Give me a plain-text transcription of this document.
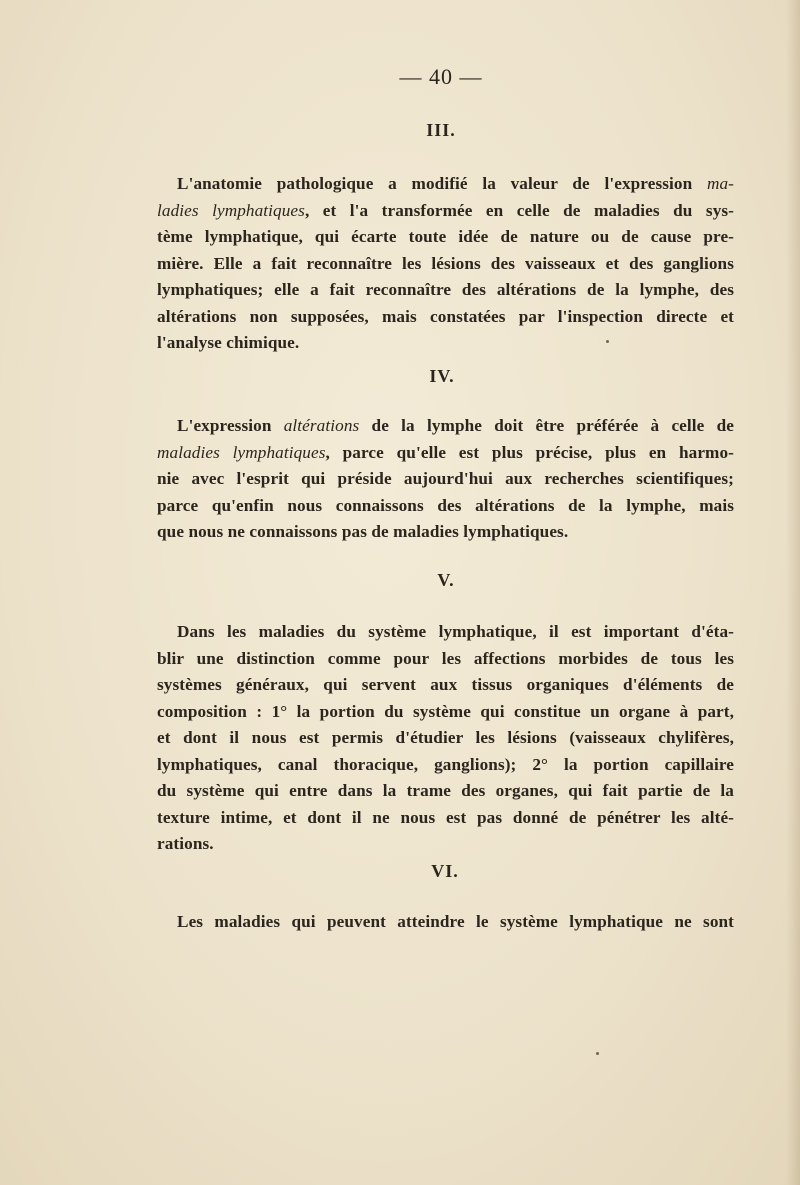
— 40 —
III.

L'anatomie pathologique a modifié la valeur de l'expression ma-
ladies lymphatiques, et l'a transformée en celle de maladies du sys-
tème lymphatique, qui écarte toute idée de nature ou de cause pre-
mière. Elle a fait reconnaître les lésions des vaisseaux et des ganglions
lymphatiques; elle a fait reconnaître des altérations de la lymphe, des
altérations non supposées, mais constatées par l'inspection directe et
l'analyse chimique.

IV.

L'expression altérations de la lymphe doit être préférée à celle de
maladies lymphatiques, parce qu'elle est plus précise, plus en harmo-
nie avec l'esprit qui préside aujourd'hui aux recherches scientifiques;
parce qu'enfin nous connaissons des altérations de la lymphe, mais
que nous ne connaissons pas de maladies lymphatiques.

V.

Dans les maladies du système lymphatique, il est important d'éta-
blir une distinction comme pour les affections morbides de tous les
systèmes généraux, qui servent aux tissus organiques d'éléments de
composition : 1° la portion du système qui constitue un organe à part,
et dont il nous est permis d'étudier les lésions (vaisseaux chylifères,
lymphatiques, canal thoracique, ganglions); 2° la portion capillaire
du système qui entre dans la trame des organes, qui fait partie de la
texture intime, et dont il ne nous est pas donné de pénétrer les alté-
rations.

VI.

Les maladies qui peuvent atteindre le système lymphatique ne sont
